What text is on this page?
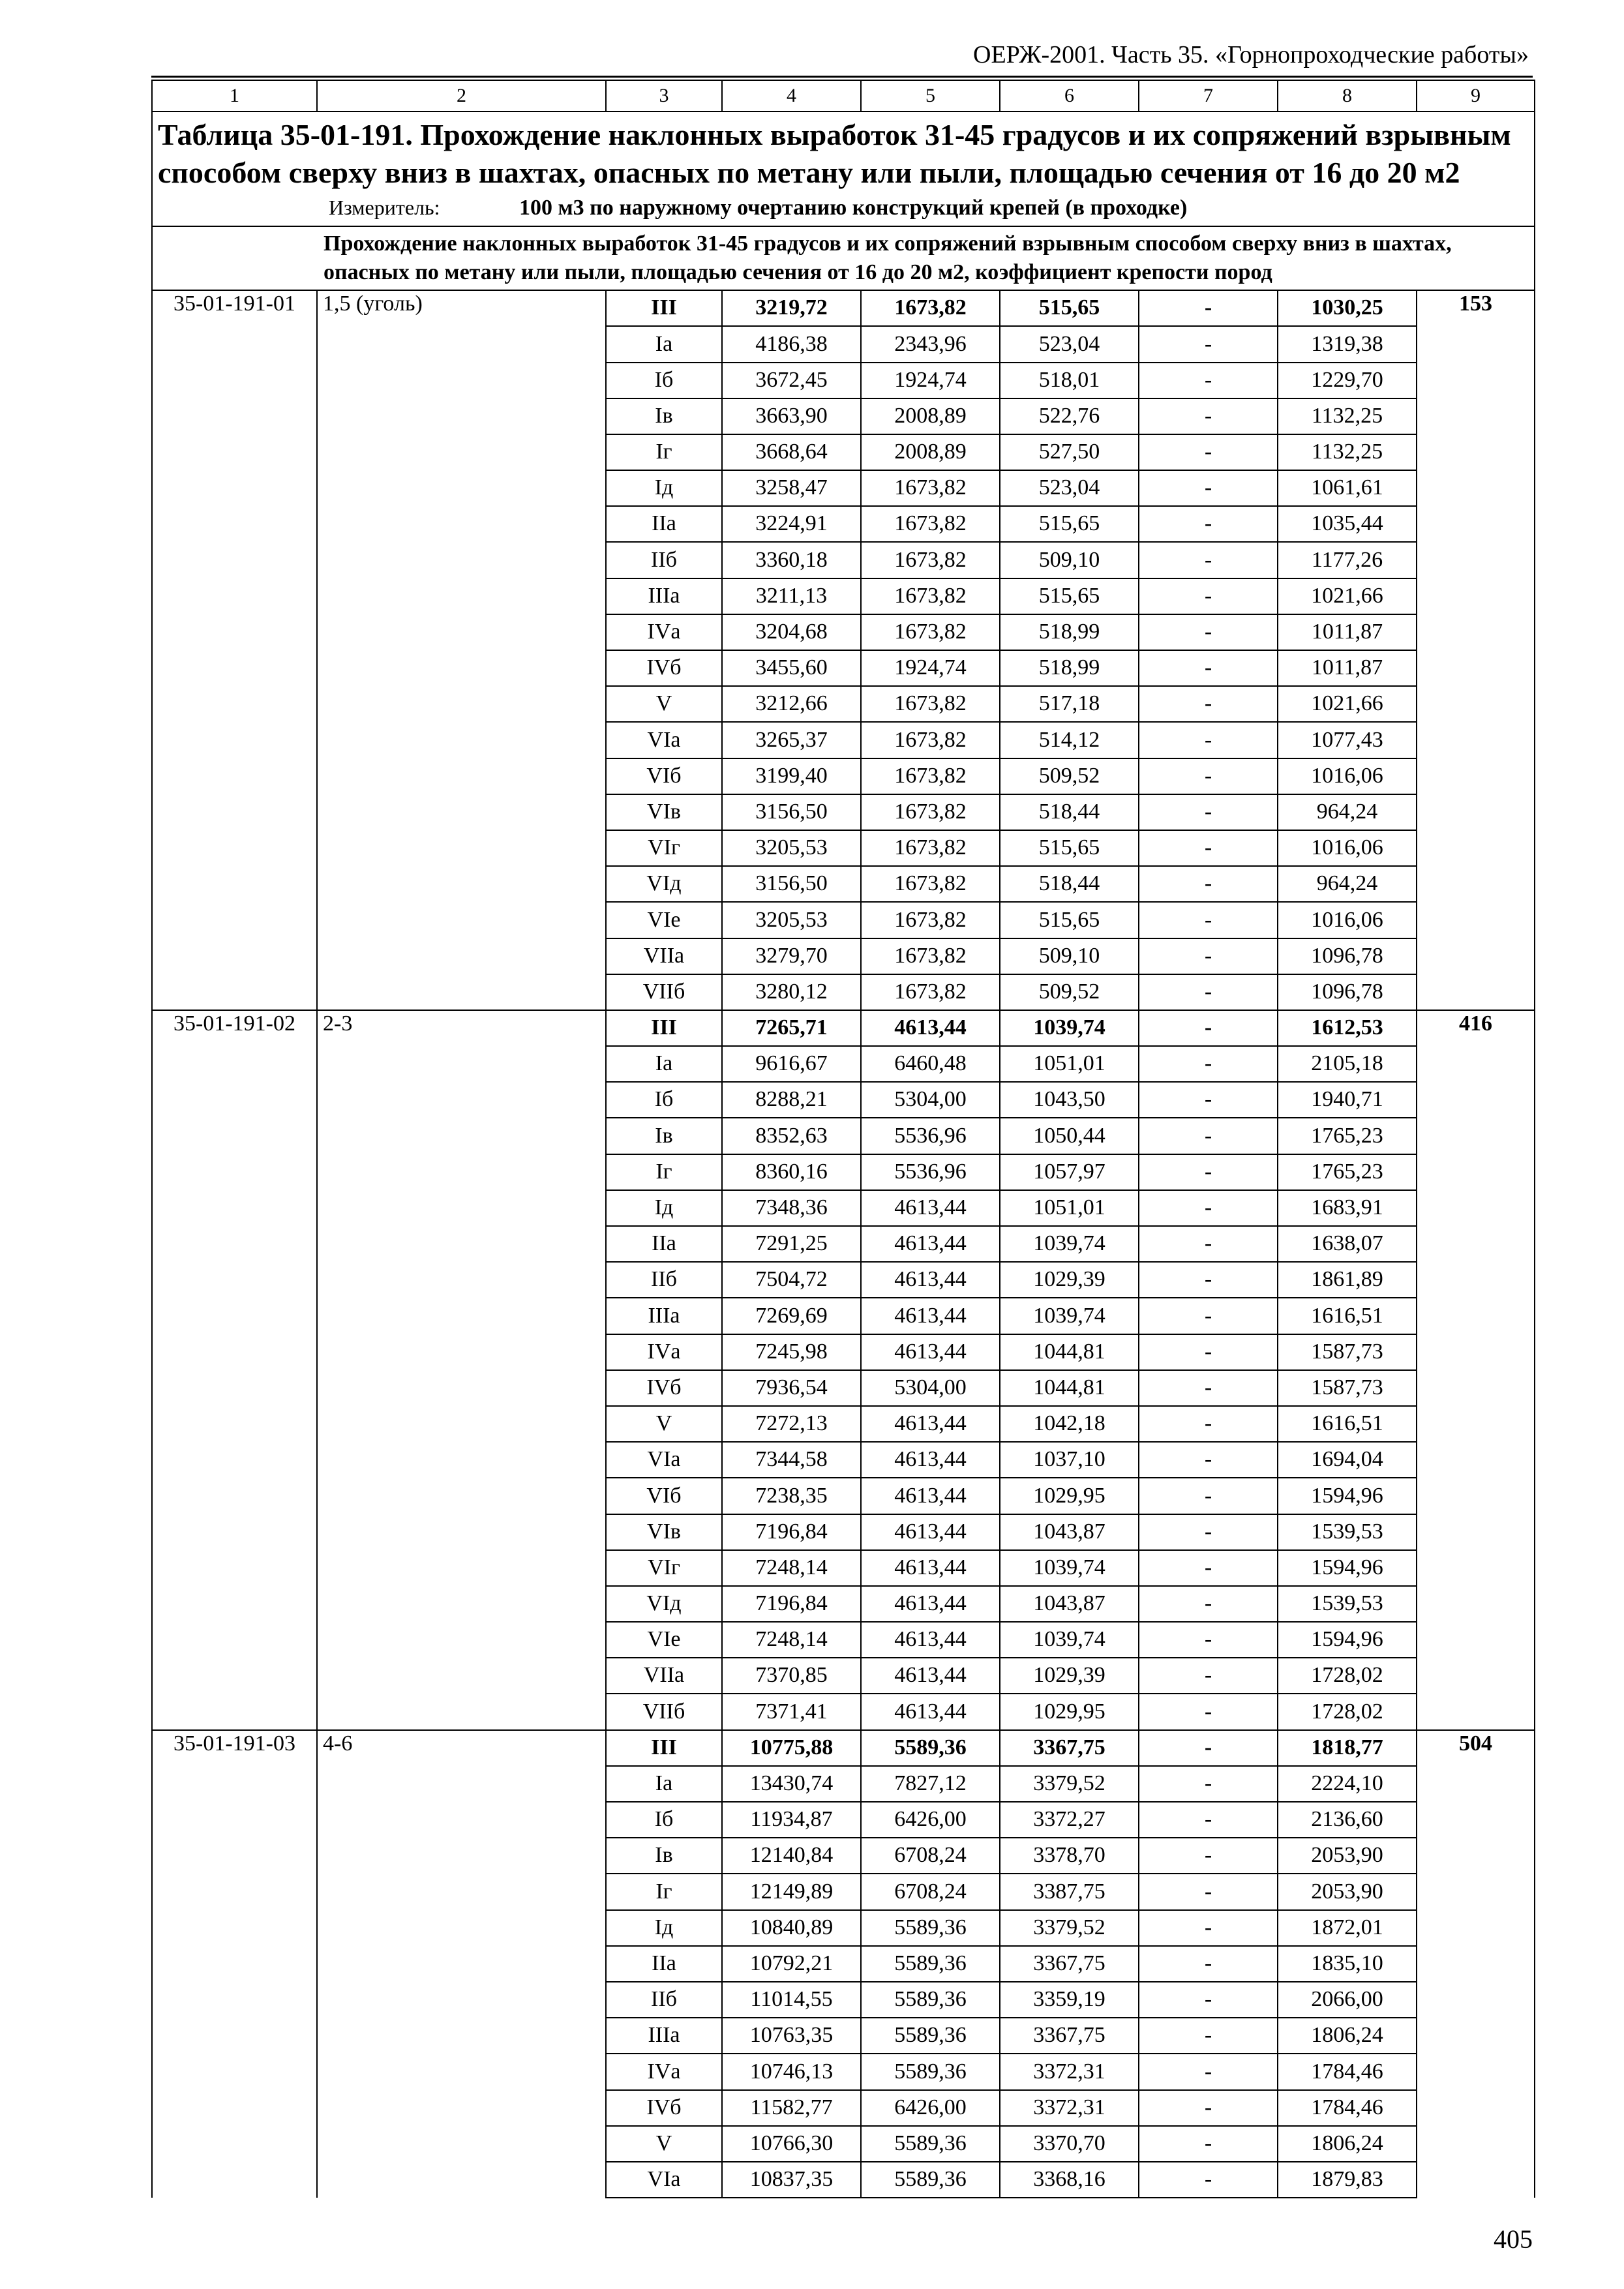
ОЕРЖ-2001. Часть 35. «Горнопроходческие работы»
1	2	3	4	5	6	7	8	9
Таблица 35-01-191. Прохождение наклонных выработок 31-45 градусов и их сопряжений взрывным способом сверху вниз в шахтах, опасных по метану или пыли, площадью сечения от 16 до 20 м2								
Измеритель: 100 м3 по наружному очертанию конструкций крепей (в проходке)								
Прохождение наклонных выработок 31-45 градусов и их сопряжений взрывным способом сверху вниз в шахтах, опасных по метану или пыли, площадью сечения от 16 до 20 м2, коэффициент крепости пород								
35-01-191-01	1,5 (уголь)	III	3219,72	1673,82	515,65	-	1030,25	153
		Ia	4186,38	2343,96	523,04	-	1319,38	
		Iб	3672,45	1924,74	518,01	-	1229,70	
		Iв	3663,90	2008,89	522,76	-	1132,25	
		Iг	3668,64	2008,89	527,50	-	1132,25	
		Iд	3258,47	1673,82	523,04	-	1061,61	
		IIа	3224,91	1673,82	515,65	-	1035,44	
		IIб	3360,18	1673,82	509,10	-	1177,26	
		IIIа	3211,13	1673,82	515,65	-	1021,66	
		IVа	3204,68	1673,82	518,99	-	1011,87	
		IVб	3455,60	1924,74	518,99	-	1011,87	
		V	3212,66	1673,82	517,18	-	1021,66	
		VIа	3265,37	1673,82	514,12	-	1077,43	
		VIб	3199,40	1673,82	509,52	-	1016,06	
		VIв	3156,50	1673,82	518,44	-	964,24	
		VIг	3205,53	1673,82	515,65	-	1016,06	
		VIд	3156,50	1673,82	518,44	-	964,24	
		VIе	3205,53	1673,82	515,65	-	1016,06	
		VIIа	3279,70	1673,82	509,10	-	1096,78	
		VIIб	3280,12	1673,82	509,52	-	1096,78	
35-01-191-02	2-3	III	7265,71	4613,44	1039,74	-	1612,53	416
		Ia	9616,67	6460,48	1051,01	-	2105,18	
		Iб	8288,21	5304,00	1043,50	-	1940,71	
		Iв	8352,63	5536,96	1050,44	-	1765,23	
		Iг	8360,16	5536,96	1057,97	-	1765,23	
		Iд	7348,36	4613,44	1051,01	-	1683,91	
		IIа	7291,25	4613,44	1039,74	-	1638,07	
		IIб	7504,72	4613,44	1029,39	-	1861,89	
		IIIа	7269,69	4613,44	1039,74	-	1616,51	
		IVа	7245,98	4613,44	1044,81	-	1587,73	
		IVб	7936,54	5304,00	1044,81	-	1587,73	
		V	7272,13	4613,44	1042,18	-	1616,51	
		VIа	7344,58	4613,44	1037,10	-	1694,04	
		VIб	7238,35	4613,44	1029,95	-	1594,96	
		VIв	7196,84	4613,44	1043,87	-	1539,53	
		VIг	7248,14	4613,44	1039,74	-	1594,96	
		VIд	7196,84	4613,44	1043,87	-	1539,53	
		VIе	7248,14	4613,44	1039,74	-	1594,96	
		VIIа	7370,85	4613,44	1029,39	-	1728,02	
		VIIб	7371,41	4613,44	1029,95	-	1728,02	
35-01-191-03	4-6	III	10775,88	5589,36	3367,75	-	1818,77	504
		Ia	13430,74	7827,12	3379,52	-	2224,10	
		Iб	11934,87	6426,00	3372,27	-	2136,60	
		Iв	12140,84	6708,24	3378,70	-	2053,90	
		Iг	12149,89	6708,24	3387,75	-	2053,90	
		Iд	10840,89	5589,36	3379,52	-	1872,01	
		IIа	10792,21	5589,36	3367,75	-	1835,10	
		IIб	11014,55	5589,36	3359,19	-	2066,00	
		IIIа	10763,35	5589,36	3367,75	-	1806,24	
		IVа	10746,13	5589,36	3372,31	-	1784,46	
		IVб	11582,77	6426,00	3372,31	-	1784,46	
		V	10766,30	5589,36	3370,70	-	1806,24	
		VIа	10837,35	5589,36	3368,16	-	1879,83	
405
